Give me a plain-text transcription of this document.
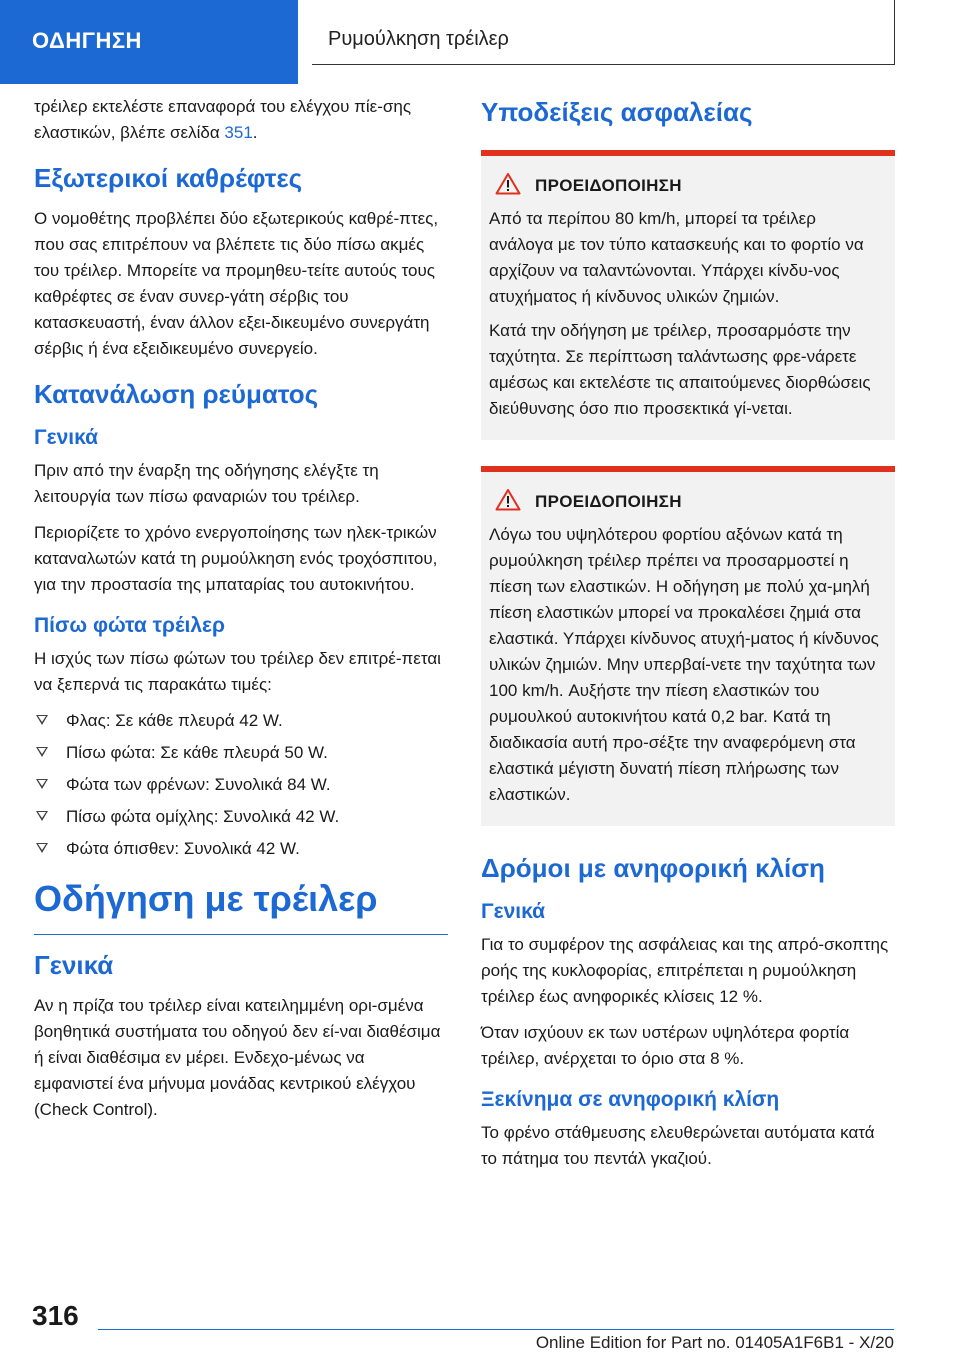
ΟΔΗΓΗΣΗ	Ρυμούλκηση τρέιλερ

τρέιλερ εκτελέστε επαναφορά του ελέγχου πίε-σης ελαστικών, βλέπε σελίδα 351.

Εξωτερικοί καθρέφτες

Ο νομοθέτης προβλέπει δύο εξωτερικούς καθρέ-πτες, που σας επιτρέπουν να βλέπετε τις δύο πίσω ακμές του τρέιλερ. Μπορείτε να προμηθευ-τείτε αυτούς τους καθρέφτες σε έναν συνερ-γάτη σέρβις του κατασκευαστή, έναν άλλον εξει-δικευμένο συνεργάτη σέρβις ή ένα εξειδικευμένο συνεργείο.

Κατανάλωση ρεύματος
Γενικά

Πριν από την έναρξη της οδήγησης ελέγξτε τη λειτουργία των πίσω φαναριών του τρέιλερ.

Περιορίζετε το χρόνο ενεργοποίησης των ηλεκ-τρικών καταναλωτών κατά τη ρυμούλκηση ενός τροχόσπιτου, για την προστασία της μπαταρίας του αυτοκινήτου.

Πίσω φώτα τρέιλερ

Η ισχύς των πίσω φώτων του τρέιλερ δεν επιτρέ-πεται να ξεπερνά τις παρακάτω τιμές:

Φλας: Σε κάθε πλευρά 42 W.
Πίσω φώτα: Σε κάθε πλευρά 50 W.
Φώτα των φρένων: Συνολικά 84 W.
Πίσω φώτα ομίχλης: Συνολικά 42 W.
Φώτα όπισθεν: Συνολικά 42 W.
Οδήγηση με τρέιλερ
Γενικά

Αν η πρίζα του τρέιλερ είναι κατειλημμένη ορι-σμένα βοηθητικά συστήματα του οδηγού δεν εί-ναι διαθέσιμα ή είναι διαθέσιμα εν μέρει. Ενδεχο-μένως να εμφανιστεί ένα μήνυμα μονάδας κεντρικού ελέγχου (Check Control).

Υποδείξεις ασφαλείας
ΠΡΟΕΙΔΟΠΟΙΗΣΗ

Από τα περίπου 80 km/h, μπορεί τα τρέιλερ ανάλογα με τον τύπο κατασκευής και το φορτίο να αρχίζουν να ταλαντώνονται. Υπάρχει κίνδυ-νος ατυχήματος ή κίνδυνος υλικών ζημιών.

Κατά την οδήγηση με τρέιλερ, προσαρμόστε την ταχύτητα. Σε περίπτωση ταλάντωσης φρε-νάρετε αμέσως και εκτελέστε τις απαιτούμενες διορθώσεις διεύθυνσης όσο πιο προσεκτικά γί-νεται.

ΠΡΟΕΙΔΟΠΟΙΗΣΗ

Λόγω του υψηλότερου φορτίου αξόνων κατά τη ρυμούλκηση τρέιλερ πρέπει να προσαρμοστεί η πίεση των ελαστικών. Η οδήγηση με πολύ χα-μηλή πίεση ελαστικών μπορεί να προκαλέσει ζημιά στα ελαστικά. Υπάρχει κίνδυνος ατυχή-ματος ή κίνδυνος υλικών ζημιών. Μην υπερβαί-νετε την ταχύτητα των 100 km/h. Αυξήστε την πίεση ελαστικών του ρυμουλκού αυτοκινήτου κατά 0,2 bar. Κατά τη διαδικασία αυτή προ-σέξτε την αναφερόμενη στα ελαστικά μέγιστη δυνατή πίεση πλήρωσης των ελαστικών.

Δρόμοι με ανηφορική κλίση
Γενικά

Για το συμφέρον της ασφάλειας και της απρό-σκοπτης ροής της κυκλοφορίας, επιτρέπεται η ρυμούλκηση τρέιλερ έως ανηφορικές κλίσεις 12 %.

Όταν ισχύουν εκ των υστέρων υψηλότερα φορτία τρέιλερ, ανέρχεται το όριο στα 8 %.

Ξεκίνημα σε ανηφορική κλίση

Το φρένο στάθμευσης ελευθερώνεται αυτόματα κατά το πάτημα του πεντάλ γκαζιού.

316
Online Edition for Part no. 01405A1F6B1 - X/20
